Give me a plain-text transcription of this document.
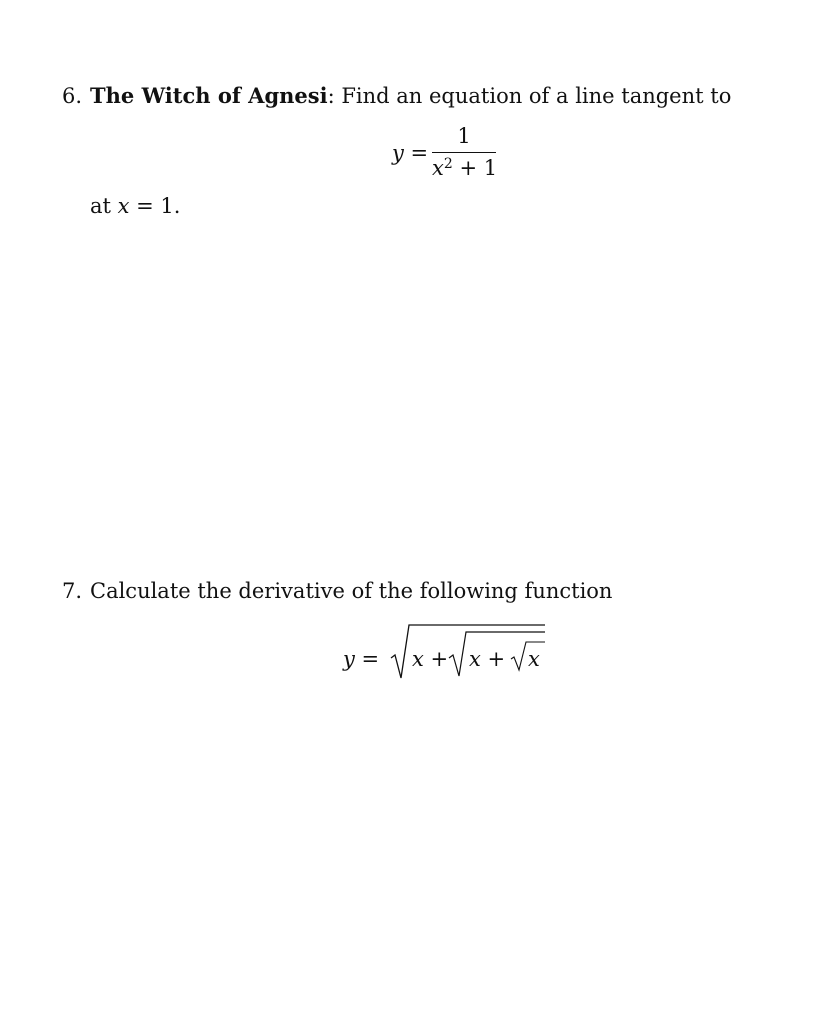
6. The Witch of Agnesi: Find an equation of a line tangent to
y =
1
$x^2 + 1$
at x = 1.
7. Calculate the derivative of the following function
y = x + x + x
